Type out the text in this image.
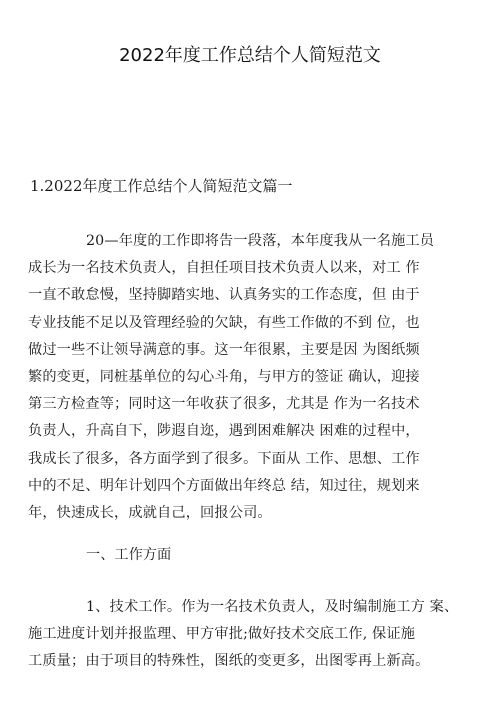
2022年度工作总结个人简短范文
1.2022年度工作总结个人简短范文篇一
20—年度的工作即将告一段落，本年度我从一名施工员
成长为一名技术负责人，自担任项目技术负责人以来，对工 作
一直不敢怠慢，坚持脚踏实地、认真务实的工作态度，但 由于
专业技能不足以及管理经验的欠缺，有些工作做的不到 位，也
做过一些不让领导满意的事。这一年很累，主要是因 为图纸频
繁的变更，同桩基单位的勾心斗角，与甲方的签证 确认，迎接
第三方检查等；同时这一年收获了很多，尤其是 作为一名技术
负责人，升高自下，陟遐自迩，遇到困难解决 困难的过程中，
我成长了很多，各方面学到了很多。下面从 工作、思想、工作
中的不足、明年计划四个方面做出年终总 结，知过往，规划来
年，快速成长，成就自己，回报公司。
一、工作方面
1、技术工作。作为一名技术负责人，及时编制施工方 案、
施工进度计划并报监理、甲方审批;做好技术交底工作, 保证施
工质量；由于项目的特殊性，图纸的变更多，出图零再上新高。
